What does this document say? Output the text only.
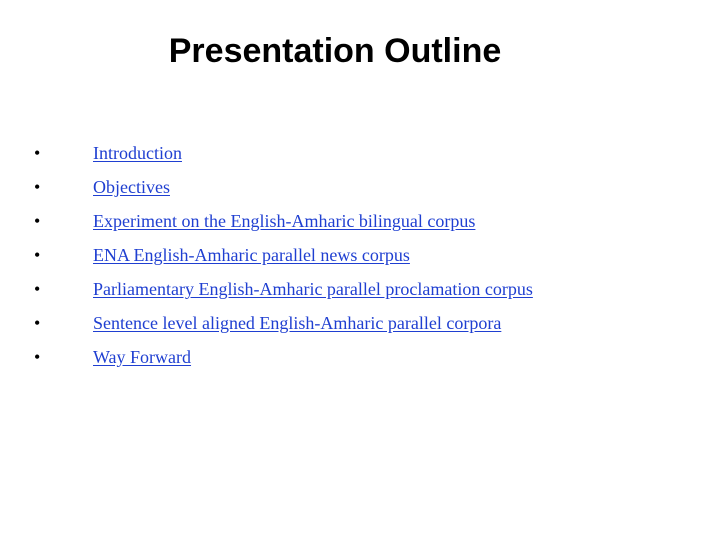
Presentation Outline
•	Introduction
•	Objectives
•	Experiment on the English-Amharic bilingual corpus
•	ENA English-Amharic parallel news corpus
•	Parliamentary English-Amharic parallel proclamation corpus
•	Sentence level aligned English-Amharic parallel corpora
•	Way Forward
